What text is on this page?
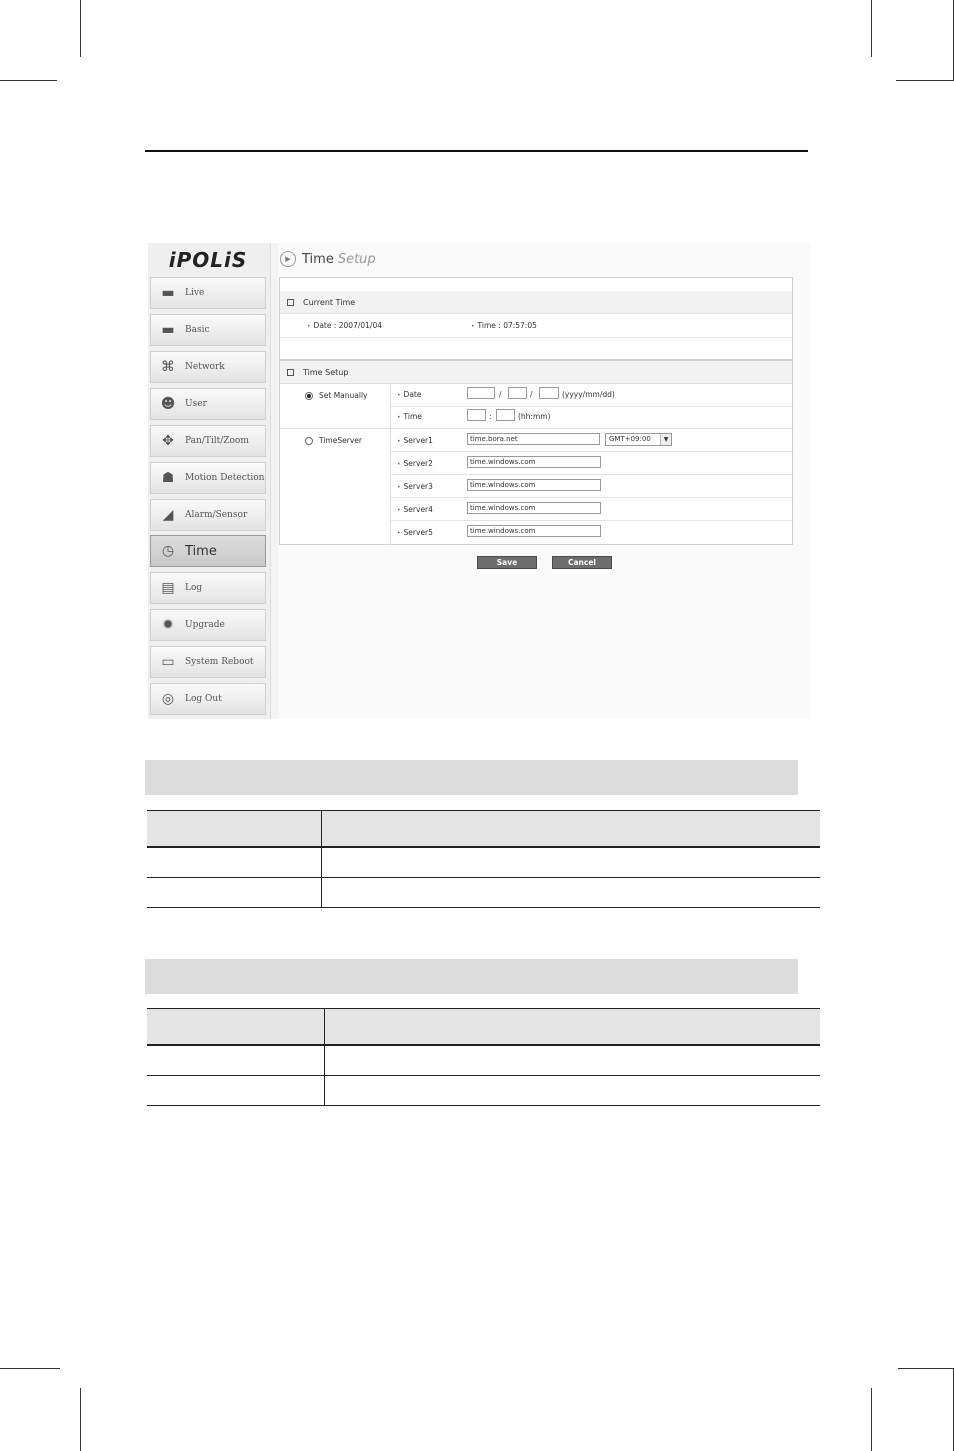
iPOLiS
▬	Live
▬	Basic
⌘	Network
☻	User
✥	Pan/Tilt/Zoom
☗	Motion Detection
◢	Alarm/Sensor
◷ Time
▤	Log
✹	Upgrade
▭	System Reboot
◎	Log Out
▶ Time Setup
Current Time
• Date : 2007/01/04	• Time : 07:57:05
Time Setup
Set Manually	• Date	/	/	(yyyy/mm/dd)
• Time	:	(hh:mm)
TimeServer	• Server1	time.bora.net	GMT+09:00	▼
• Server2	time.windows.com
• Server3	time.windows.com
• Server4	time.windows.com
• Server5	time.windows.com
Save	Cancel
